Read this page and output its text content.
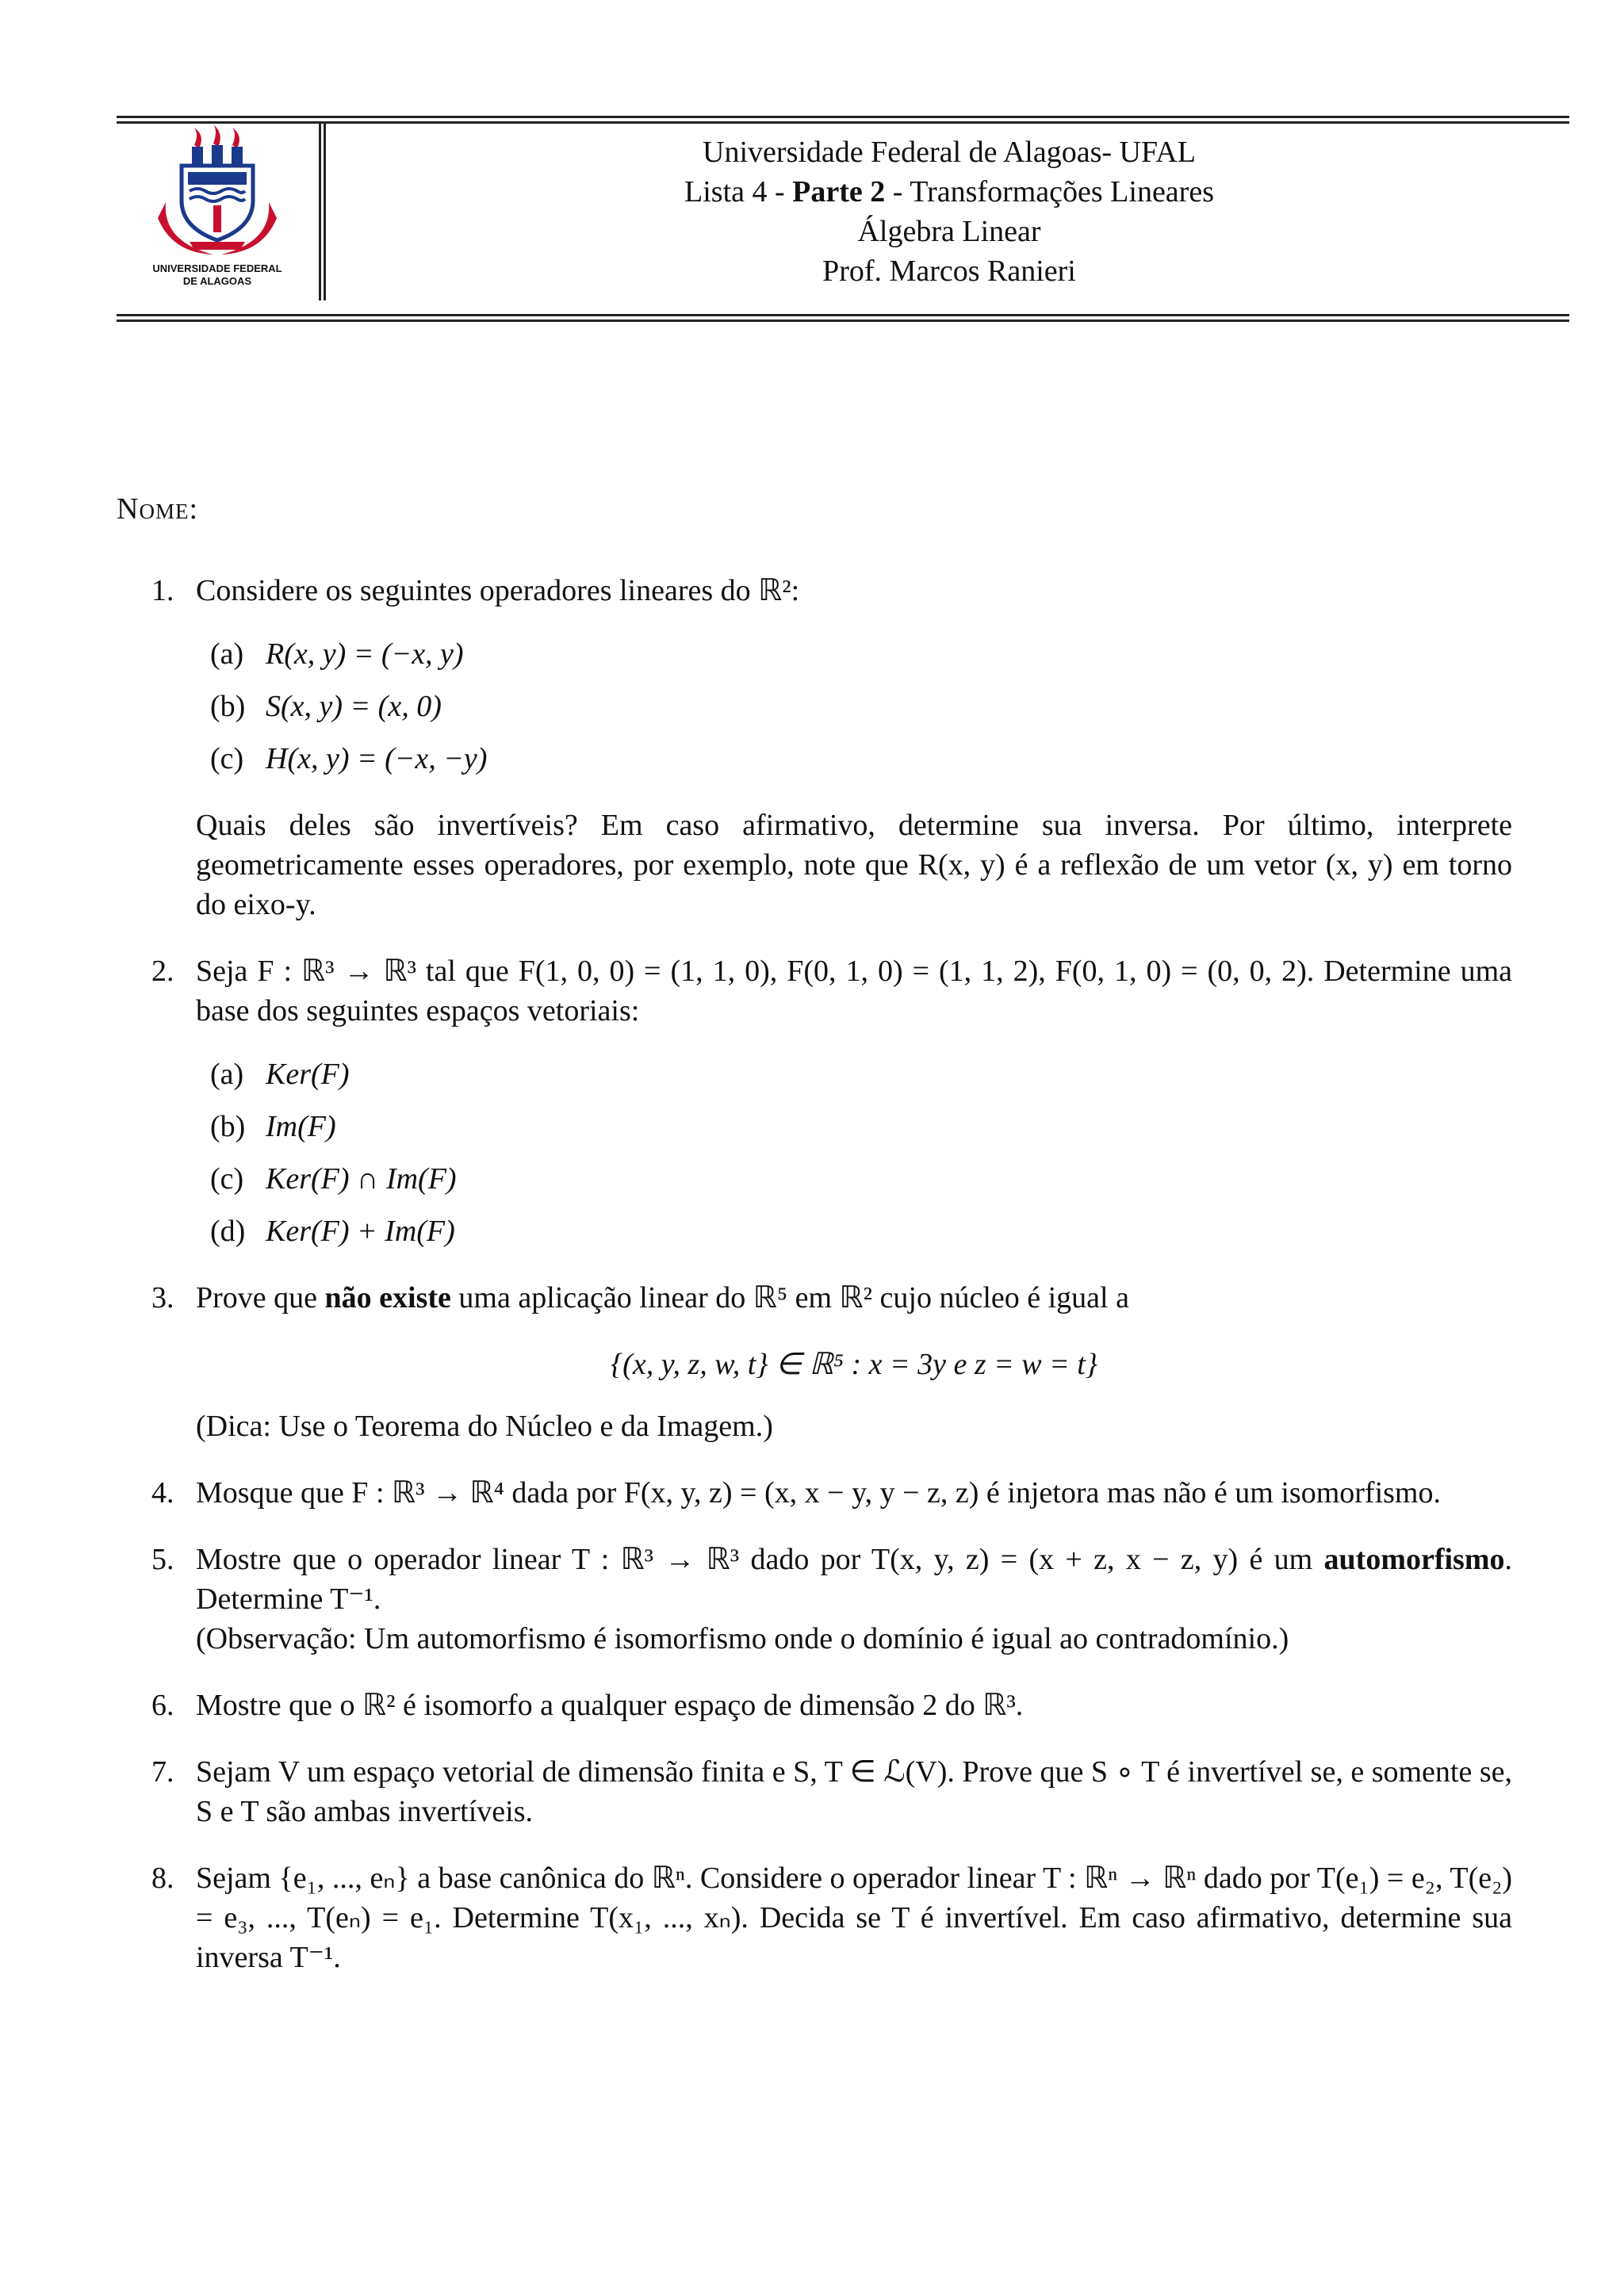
UNIVERSIDADE FEDERAL
DE ALAGOAS
Universidade Federal de Alagoas- UFAL
Lista 4 - Parte 2 - Transformações Lineares
Álgebra Linear
Prof. Marcos Ranieri
Nome:
1. Considere os seguintes operadores lineares do ℝ²:

(a) R(x, y) = (−x, y)
(b) S(x, y) = (x, 0)
(c) H(x, y) = (−x, −y)

Quais deles são invertíveis? Em caso afirmativo, determine sua inversa. Por último, interprete geometricamente esses operadores, por exemplo, note que R(x, y) é a reflexão de um vetor (x, y) em torno do eixo-y.

2. Seja F : ℝ³ → ℝ³ tal que F(1, 0, 0) = (1, 1, 0), F(0, 1, 0) = (1, 1, 2), F(0, 1, 0) = (0, 0, 2). Determine uma base dos seguintes espaços vetoriais:

(a) Ker(F)
(b) Im(F)
(c) Ker(F) ∩ Im(F)
(d) Ker(F) + Im(F)
3. Prove que não existe uma aplicação linear do ℝ⁵ em ℝ² cujo núcleo é igual a

{(x, y, z, w, t} ∈ ℝ⁵ : x = 3y e z = w = t}

(Dica: Use o Teorema do Núcleo e da Imagem.)

4. Mosque que F : ℝ³ → ℝ⁴ dada por F(x, y, z) = (x, x − y, y − z, z) é injetora mas não é um isomorfismo.

5. Mostre que o operador linear T : ℝ³ → ℝ³ dado por T(x, y, z) = (x + z, x − z, y) é um automorfismo. Determine T⁻¹.

(Observação: Um automorfismo é isomorfismo onde o domínio é igual ao contradomínio.)

6. Mostre que o ℝ² é isomorfo a qualquer espaço de dimensão 2 do ℝ³.

7. Sejam V um espaço vetorial de dimensão finita e S, T ∈ ℒ(V). Prove que S ∘ T é invertível se, e somente se, S e T são ambas invertíveis.

8. Sejam {e₁, ..., eₙ} a base canônica do ℝⁿ. Considere o operador linear T : ℝⁿ → ℝⁿ dado por T(e₁) = e₂, T(e₂) = e₃, ..., T(eₙ) = e₁. Determine T(x₁, ..., xₙ). Decida se T é invertível. Em caso afirmativo, determine sua inversa T⁻¹.
